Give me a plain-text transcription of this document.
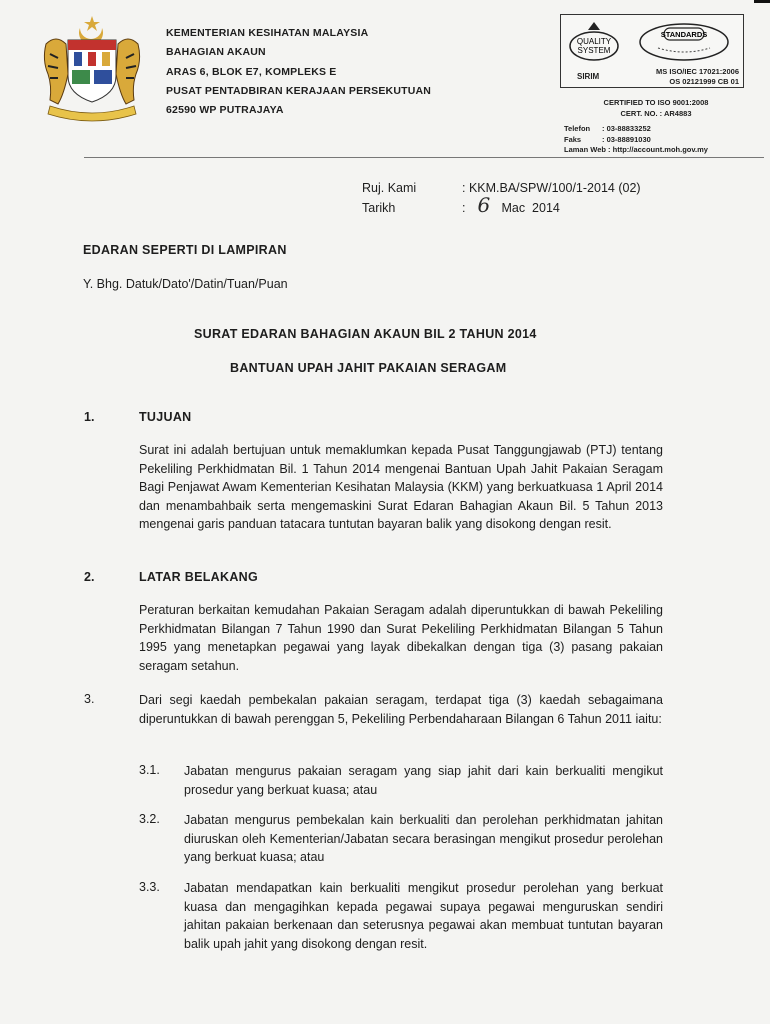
KEMENTERIAN KESIHATAN MALAYSIA
BAHAGIAN AKAUN
ARAS 6, BLOK E7, KOMPLEKS E
PUSAT PENTADBIRAN KERAJAAN PERSEKUTUAN
62590 WP PUTRAJAYA
QUALITY
SYSTEM
STANDARDS
SIRIM
MS ISO/IEC 17021:2006
OS 02121999 CB 01
CERTIFIED TO ISO 9001:2008
CERT. NO. : AR4883
Telefon : 03-88833252
Faks	: 03-88891030
Laman Web : http://account.moh.gov.my
Ruj. Kami	: KKM.BA/SPW/100/1-2014 (02)
Tarikh	: 6 Mac  2014
EDARAN SEPERTI DI LAMPIRAN
Y. Bhg. Datuk/Dato'/Datin/Tuan/Puan
SURAT EDARAN BAHAGIAN AKAUN BIL 2 TAHUN 2014
BANTUAN UPAH JAHIT PAKAIAN SERAGAM
1.	TUJUAN
Surat ini adalah bertujuan untuk memaklumkan kepada Pusat Tanggungjawab (PTJ) tentang Pekeliling Perkhidmatan Bil. 1 Tahun 2014 mengenai Bantuan Upah Jahit Pakaian Seragam Bagi Penjawat Awam Kementerian Kesihatan Malaysia (KKM) yang berkuatkuasa 1 April 2014 dan menambahbaik serta mengemaskini Surat Edaran Bahagian Akaun Bil. 5 Tahun 2013 mengenai garis panduan tatacara tuntutan bayaran balik yang disokong dengan resit.
2.	LATAR BELAKANG
Peraturan berkaitan kemudahan Pakaian Seragam adalah diperuntukkan di bawah Pekeliling Perkhidmatan Bilangan 7 Tahun 1990 dan Surat Pekeliling Perkhidmatan Bilangan 5 Tahun 1995 yang menetapkan pegawai yang layak dibekalkan dengan tiga (3) pasang pakaian seragam setahun.
3.	Dari segi kaedah pembekalan pakaian seragam, terdapat tiga (3) kaedah sebagaimana diperuntukkan di bawah perenggan 5, Pekeliling Perbendaharaan Bilangan 6 Tahun 2011 iaitu:
3.1. Jabatan mengurus pakaian seragam yang siap jahit dari kain berkualiti mengikut prosedur yang berkuat kuasa; atau
3.2. Jabatan mengurus pembekalan kain berkualiti dan perolehan perkhidmatan jahitan diuruskan oleh Kementerian/Jabatan secara berasingan mengikut prosedur perolehan yang berkuat kuasa; atau
3.3. Jabatan mendapatkan kain berkualiti mengikut prosedur perolehan yang berkuat kuasa dan mengagihkan kepada pegawai supaya pegawai menguruskan sendiri jahitan pakaian berkenaan dan seterusnya pegawai akan membuat tuntutan bayaran balik upah jahit yang disokong dengan resit.
